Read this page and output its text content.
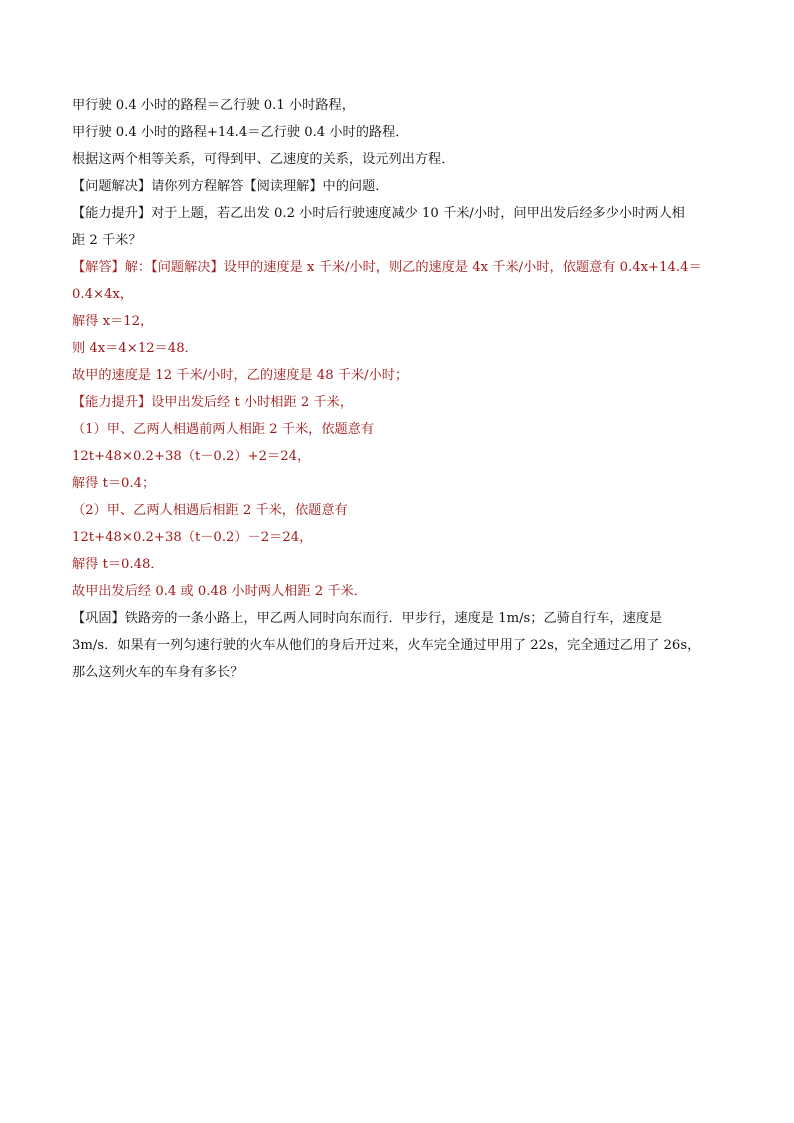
甲行驶 0.4 小时的路程＝乙行驶 0.1 小时路程，
甲行驶 0.4 小时的路程+14.4＝乙行驶 0.4 小时的路程．
根据这两个相等关系，可得到甲、乙速度的关系，设元列出方程．
【问题解决】请你列方程解答【阅读理解】中的问题．
【能力提升】对于上题，若乙出发 0.2 小时后行驶速度减少 10 千米/小时，问甲出发后经多少小时两人相
距 2 千米？
【解答】解：【问题解决】设甲的速度是 x 千米/小时，则乙的速度是 4x 千米/小时，依题意有 0.4x+14.4＝
0.4×4x，
解得 x＝12，
则 4x＝4×12＝48．
故甲的速度是 12 千米/小时，乙的速度是 48 千米/小时；
【能力提升】设甲出发后经 t 小时相距 2 千米，
（1）甲、乙两人相遇前两人相距 2 千米，依题意有
12t+48×0.2+38（t－0.2）+2＝24，
解得 t＝0.4；
（2）甲、乙两人相遇后相距 2 千米，依题意有
12t+48×0.2+38（t－0.2）－2＝24，
解得 t＝0.48．
故甲出发后经 0.4 或 0.48 小时两人相距 2 千米．
【巩固】铁路旁的一条小路上，甲乙两人同时向东而行．甲步行，速度是 1m/s；乙骑自行车，速度是
3m/s．如果有一列匀速行驶的火车从他们的身后开过来，火车完全通过甲用了 22s，完全通过乙用了 26s，
那么这列火车的车身有多长？
